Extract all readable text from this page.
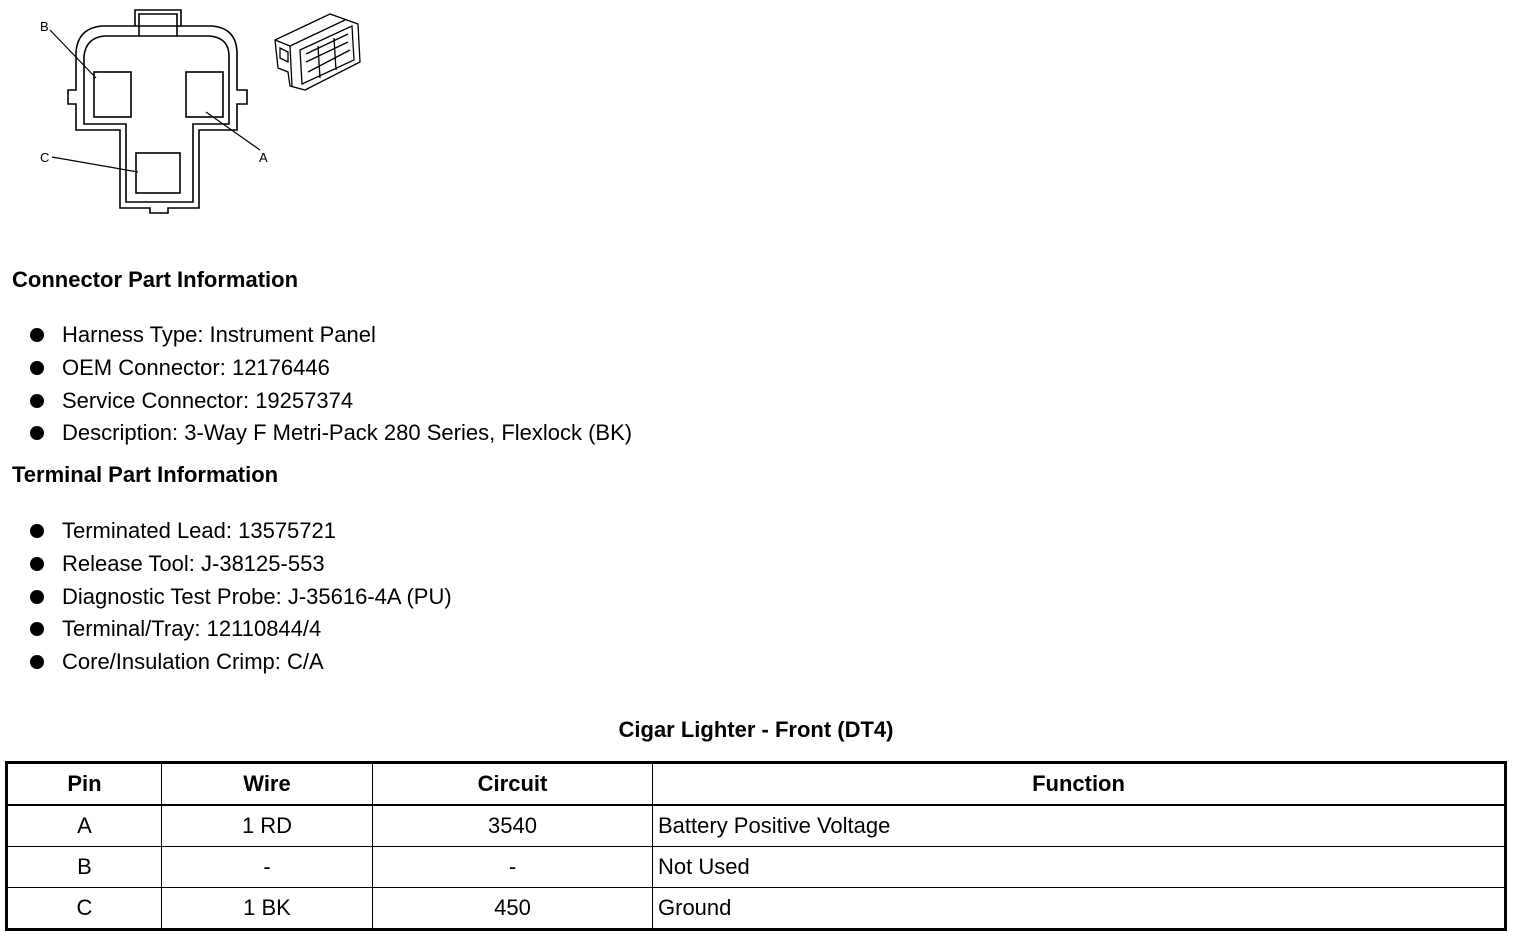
B
A
C
Connector Part Information
Harness Type: Instrument Panel
OEM Connector: 12176446
Service Connector: 19257374
Description: 3-Way F Metri-Pack 280 Series, Flexlock (BK)
Terminal Part Information
Terminated Lead: 13575721
Release Tool: J-38125-553
Diagnostic Test Probe: J-35616-4A (PU)
Terminal/Tray: 12110844/4
Core/Insulation Crimp: C/A
Cigar Lighter - Front (DT4)
Pin	Wire	Circuit	Function
A	1 RD	3540	Battery Positive Voltage
B	-	-	Not Used
C	1 BK	450	Ground
